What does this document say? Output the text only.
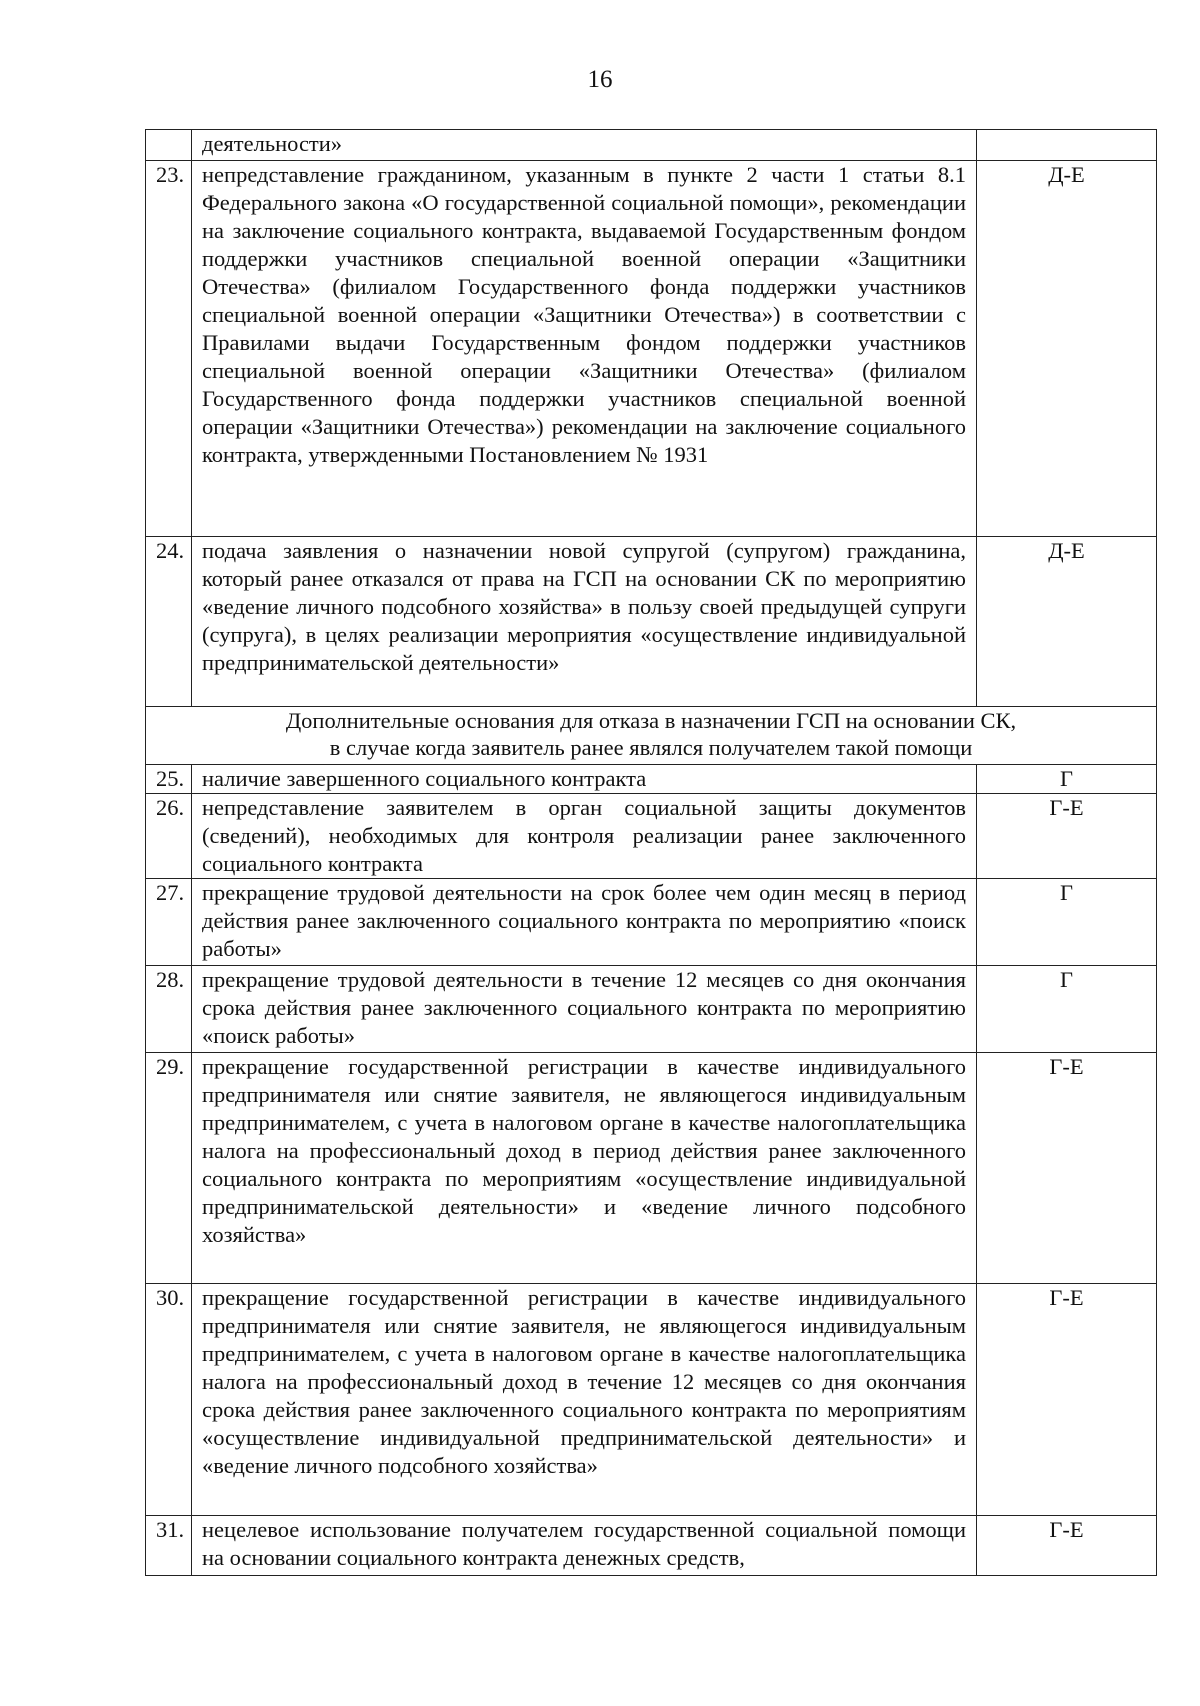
16
	деятельности»	
23.	непредставление гражданином, указанным в пункте 2 части 1 статьи 8.1 Федерального закона «О государственной социальной помощи», рекомендации на заключение социального контракта, выдаваемой Государственным фондом поддержки участников специальной военной операции «Защитники Отечества» (филиалом Государственного фонда поддержки участников специальной военной операции «Защитники Отечества») в соответствии с Правилами выдачи Государственным фондом поддержки участников специальной военной операции «Защитники Отечества» (филиалом Государственного фонда поддержки участников специальной военной операции «Защитники Отечества») рекомендации на заключение социального контракта, утвержденными Постановлением № 1931	Д-Е
24.	подача заявления о назначении новой супругой (супругом) гражданина, который ранее отказался от права на ГСП на основании СК по мероприятию «ведение личного подсобного хозяйства» в пользу своей предыдущей супруги (супруга), в целях реализации мероприятия «осуществление индивидуальной предпринимательской деятельности»	Д-Е

Дополнительные основания для отказа в назначении ГСП на основании СК,
в случае когда заявитель ранее являлся получателем такой помощи		

25.	наличие завершенного социального контракта	Г
26.	непредставление заявителем в орган социальной защиты документов (сведений), необходимых для контроля реализации ранее заключенного социального контракта	Г-Е
27.	прекращение трудовой деятельности на срок более чем один месяц в период действия ранее заключенного социального контракта по мероприятию «поиск работы»	Г
28.	прекращение трудовой деятельности в течение 12 месяцев со дня окончания срока действия ранее заключенного социального контракта по мероприятию «поиск работы»	Г
29.	прекращение государственной регистрации в качестве индивидуального предпринимателя или снятие заявителя, не являющегося индивидуальным предпринимателем, с учета в налоговом органе в качестве налогоплательщика налога на профессиональный доход в период действия ранее заключенного социального контракта по мероприятиям «осуществление индивидуальной предпринимательской деятельности» и «ведение личного подсобного хозяйства»	Г-Е
30.	прекращение государственной регистрации в качестве индивидуального предпринимателя или снятие заявителя, не являющегося индивидуальным предпринимателем, с учета в налоговом органе в качестве налогоплательщика налога на профессиональный доход в течение 12 месяцев со дня окончания срока действия ранее заключенного социального контракта по мероприятиям «осуществление индивидуальной предпринимательской деятельности» и «ведение личного подсобного хозяйства»	Г-Е
31.	нецелевое использование получателем государственной социальной помощи на основании социального контракта денежных средств,	Г-Е
